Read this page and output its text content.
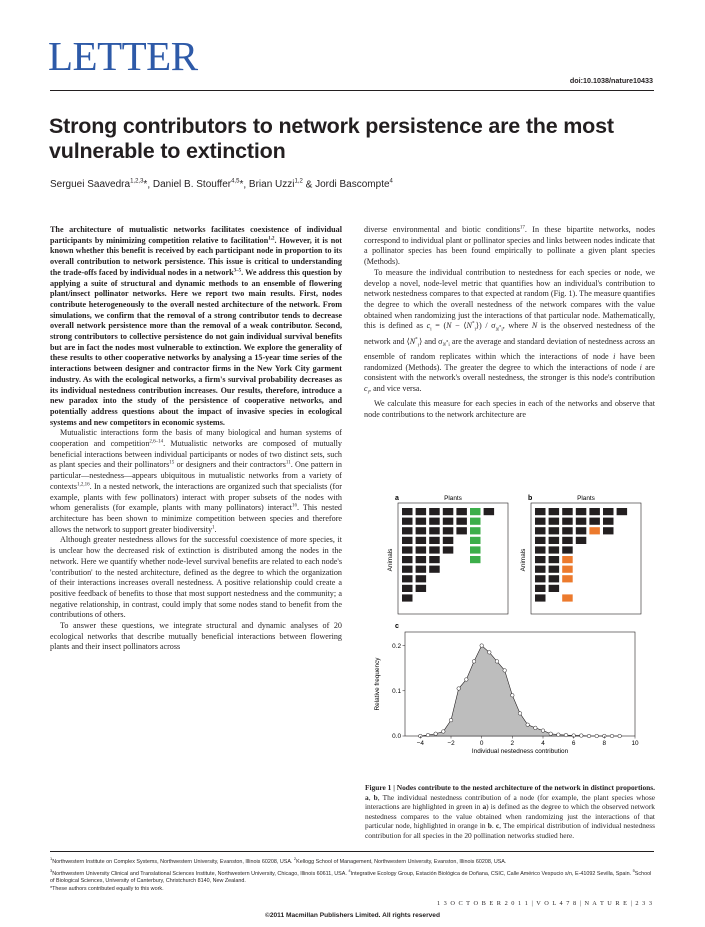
LETTER
doi:10.1038/nature10433
Strong contributors to network persistence are the most vulnerable to extinction
Serguei Saavedra$^{1,2,3}$*, Daniel B. Stouffer$^{4,5}$*, Brian Uzzi$^{1,2}$ & Jordi Bascompte$^4$

The architecture of mutualistic networks facilitates coexistence of individual participants by minimizing competition relative to facilitation$^{1,2}$. However, it is not known whether this benefit is received by each participant node in proportion to its overall contribution to network persistence. This issue is critical to understanding the trade-offs faced by individual nodes in a network$^{3-5}$. We address this question by applying a suite of structural and dynamic methods to an ensemble of flowering plant/insect pollinator networks. Here we report two main results. First, nodes contribute heterogeneously to the overall nested architecture of the network. From simulations, we confirm that the removal of a strong contributor tends to decrease overall network persistence more than the removal of a weak contributor. Second, strong contributors to collective persistence do not gain individual survival benefits but are in fact the nodes most vulnerable to extinction. We explore the generality of these results to other cooperative networks by analysing a 15-year time series of the interactions between designer and contractor firms in the New York City garment industry. As with the ecological networks, a firm's survival probability decreases as its individual nestedness contribution increases. Our results, therefore, introduce a new paradox into the study of the persistence of cooperative networks, and potentially address questions about the impact of invasive species in ecological systems and new competitors in economic systems.

Mutualistic interactions form the basis of many biological and human systems of cooperation and competition$^{2,6-14}$. Mutualistic networks are composed of mutually beneficial interactions between individual participants or nodes of two distinct sets, such as plant species and their pollinators$^{15}$ or designers and their contractors$^{11}$. One pattern in particular—nestedness—appears ubiquitous in mutualistic networks from a variety of contexts$^{1,2,16}$. In a nested network, the interactions are organized such that specialists (for example, plants with few pollinators) interact with proper subsets of the nodes with whom generalists (for example, plants with many pollinators) interact$^{16}$. This nested architecture has been shown to minimize competition between species and therefore allows the network to support greater biodiversity$^1$.

Although greater nestedness allows for the successful coexistence of more species, it is unclear how the decreased risk of extinction is distributed among the nodes in the network. Here we quantify whether node-level survival benefits are related to each node's 'contribution' to the nested architecture, defined as the degree to which the organization of their interactions increases overall nestedness. A positive relationship could create a positive feedback of benefits to those that most support nestedness and the community; a negative relationship, in contrast, could imply that some nodes stand to benefit from the contributions of others.

To answer these questions, we integrate structural and dynamic analyses of 20 ecological networks that describe mutually beneficial interactions between flowering plants and their insect pollinators across

diverse environmental and biotic conditions$^{17}$. In these bipartite networks, nodes correspond to individual plant or pollinator species and links between nodes indicate that a pollinator species has been found empirically to pollinate a given plant species (Methods).

To measure the individual contribution to nestedness for each species or node, we develop a novel, node-level metric that quantifies how an individual's contribution to network nestedness compares to that expected at random (Fig. 1). The measure quantifies the degree to which the overall nestedness of the network compares with the value obtained when randomizing just the interactions of that particular node. Mathematically, this is defined as $c_i = (N$ − $⟨N^*_i⟩) / \sigma_{N^*i}$, where N is the observed nestedness of the network and $⟨N^*_i⟩$ and $\sigma_{N^*i}$ are the average and standard deviation of nestedness across an ensemble of random replicates within which the interactions of node i have been randomized (Methods). The greater the degree to which the interactions of node i are consistent with the network's overall nestedness, the stronger is this node's contribution $c_i$, and vice versa.

We calculate this measure for each species in each of the networks and observe that node contributions to the network architecture are

a	Plants
Animals
b	Plants
Animals
c
Relative frequency
Individual nestedness contribution
−4	−2	0	2	4	6	8	10
0.0
0.1
0.2
Figure 1 | Nodes contribute to the nested architecture of the network in distinct proportions. a, b, The individual nestedness contribution of a node (for example, the plant species whose interactions are highlighted in green in a) is defined as the degree to which the observed network nestedness compares to the value obtained when randomizing just the interactions of that particular node, highlighted in orange in b. c, The empirical distribution of individual nestedness contribution for all species in the 20 pollination networks studied here.
$^1$Northwestern Institute on Complex Systems, Northwestern University, Evanston, Illinois 60208, USA. $^2$Kellogg School of Management, Northwestern University, Evanston, Illinois 60208, USA.
$^3$Northwestern University Clinical and Translational Sciences Institute, Northwestern University, Chicago, Illinois 60611, USA. $^4$Integrative Ecology Group, Estación Biológica de Doñana, CSIC, Calle Américo Vespucio s/n, E-41092 Sevilla, Spain. $^5$School of Biological Sciences, University of Canterbury, Christchurch 8140, New Zealand.
*These authors contributed equally to this work.
1 3 O C T O B E R 2 0 1 1 | V O L 4 7 8 | N A T U R E | 2 3 3
©2011 Macmillan Publishers Limited. All rights reserved
